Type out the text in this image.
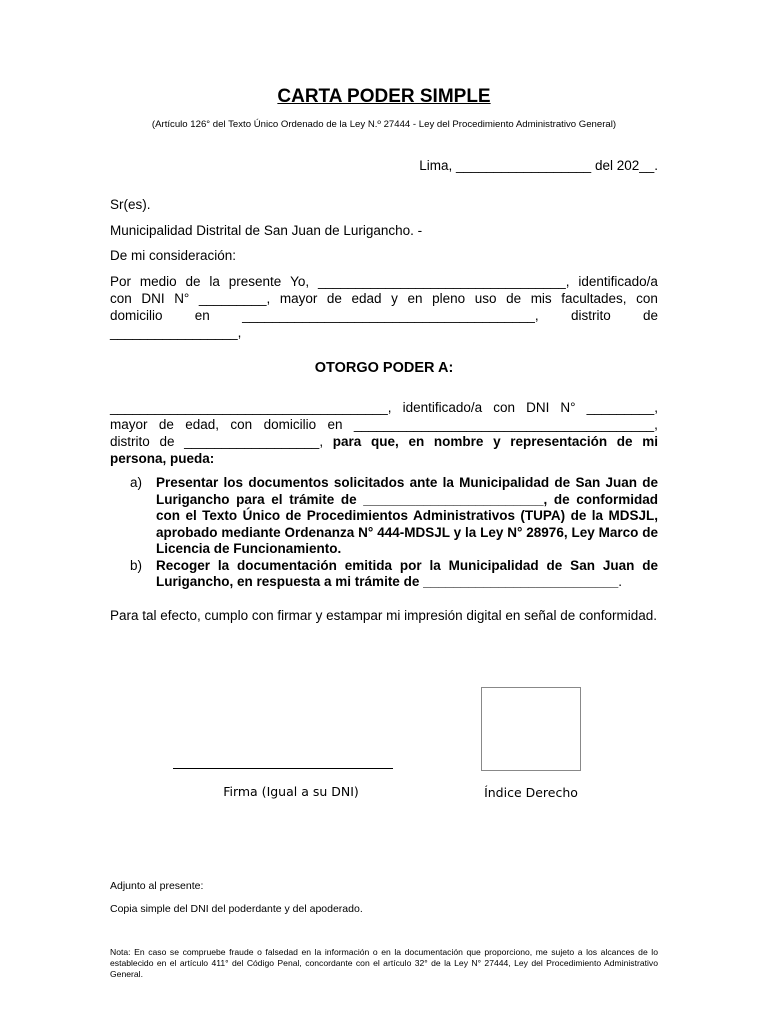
CARTA PODER SIMPLE
(Artículo 126° del Texto Único Ordenado de la Ley N.º 27444 - Ley del Procedimiento Administrativo General)
Lima, __________________ del 202__.
Sr(es).
Municipalidad Distrital de San Juan de Lurigancho. -
De mi consideración:
Por medio de la presente Yo, _________________________________, identificado/a
con DNI N° _________, mayor de edad y en pleno uso de mis facultades, con
domicilio en _______________________________________, distrito de
_________________,
OTORGO PODER A:
_____________________________________, identificado/a con DNI N° _________,
mayor de edad, con domicilio en ________________________________________,
distrito de __________________, para que, en nombre y representación de mi
persona, pueda:
a)	Presentar los documentos solicitados ante la Municipalidad de San Juan de Lurigancho para el trámite de ________________________, de conformidad con el Texto Único de Procedimientos Administrativos (TUPA) de la MDSJL, aprobado mediante Ordenanza N° 444-MDSJL y la Ley N° 28976, Ley Marco de Licencia de Funcionamiento.
b)	Recoger la documentación emitida por la Municipalidad de San Juan de Lurigancho, en respuesta a mi trámite de __________________________.
Para tal efecto, cumplo con firmar y estampar mi impresión digital en señal de conformidad.
Firma (Igual a su DNI)	Índice Derecho
Adjunto al presente:
Copia simple del DNI del poderdante y del apoderado.
Nota: En caso se compruebe fraude o falsedad en la información o en la documentación que proporciono, me sujeto a los alcances de lo establecido en el artículo 411° del Código Penal, concordante con el artículo 32° de la Ley N° 27444, Ley del Procedimiento Administrativo General.
